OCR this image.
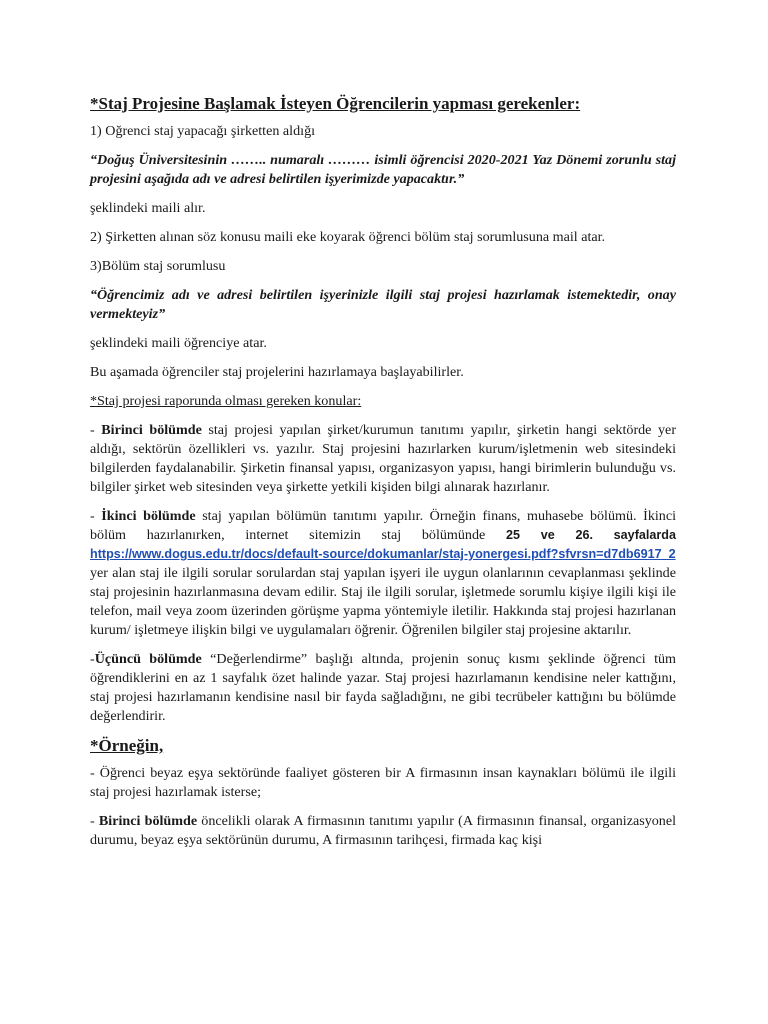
*Staj Projesine Başlamak İsteyen Öğrencilerin yapması gerekenler:

1) Oğrenci staj yapacağı şirketten aldığı

“Doğuş Üniversitesinin …….. numaralı ……… isimli öğrencisi 2020-2021 Yaz Dönemi zorunlu staj projesini aşağıda adı ve adresi belirtilen işyerimizde yapacaktır.”

şeklindeki maili alır.

2) Şirketten alınan söz konusu maili eke koyarak öğrenci bölüm staj sorumlusuna mail atar.

3)Bölüm staj sorumlusu

“Öğrencimiz adı ve adresi belirtilen işyerinizle ilgili staj projesi hazırlamak istemektedir, onay vermekteyiz”

şeklindeki maili öğrenciye atar.

Bu aşamada öğrenciler staj projelerini hazırlamaya başlayabilirler.

*Staj projesi raporunda olması gereken konular:

- Birinci bölümde staj projesi yapılan şirket/kurumun tanıtımı yapılır, şirketin hangi sektörde yer aldığı, sektörün özellikleri vs. yazılır. Staj projesini hazırlarken kurum/işletmenin web sitesindeki bilgilerden faydalanabilir. Şirketin finansal yapısı, organizasyon yapısı, hangi birimlerin bulunduğu vs. bilgiler şirket web sitesinden veya şirkette yetkili kişiden bilgi alınarak hazırlanır.

- İkinci bölümde staj yapılan bölümün tanıtımı yapılır. Örneğin finans, muhasebe bölümü. İkinci bölüm hazırlanırken, internet sitemizin staj bölümünde 25 ve 26. sayfalarda https://www.dogus.edu.tr/docs/default-source/dokumanlar/staj-yonergesi.pdf?sfvrsn=d7db6917_2 yer alan staj ile ilgili sorular sorulardan staj yapılan işyeri ile uygun olanlarının cevaplanması şeklinde staj projesinin hazırlanmasına devam edilir. Staj ile ilgili sorular, işletmede sorumlu kişiye ilgili kişi ile telefon, mail veya zoom üzerinden görüşme yapma yöntemiyle iletilir. Hakkında staj projesi hazırlanan kurum/ işletmeye ilişkin bilgi ve uygulamaları öğrenir. Öğrenilen bilgiler staj projesine aktarılır.

-Üçüncü bölümde “Değerlendirme” başlığı altında, projenin sonuç kısmı şeklinde öğrenci tüm öğrendiklerini en az 1 sayfalık özet halinde yazar. Staj projesi hazırlamanın kendisine neler kattığını, staj projesi hazırlamanın kendisine nasıl bir fayda sağladığını, ne gibi tecrübeler kattığını bu bölümde değerlendirir.

*Örneğin,

- Öğrenci beyaz eşya sektöründe faaliyet gösteren bir A firmasının insan kaynakları bölümü ile ilgili staj projesi hazırlamak isterse;

- Birinci bölümde öncelikli olarak A firmasının tanıtımı yapılır (A firmasının finansal, organizasyonel durumu, beyaz eşya sektörünün durumu, A firmasının tarihçesi, firmada kaç kişi
